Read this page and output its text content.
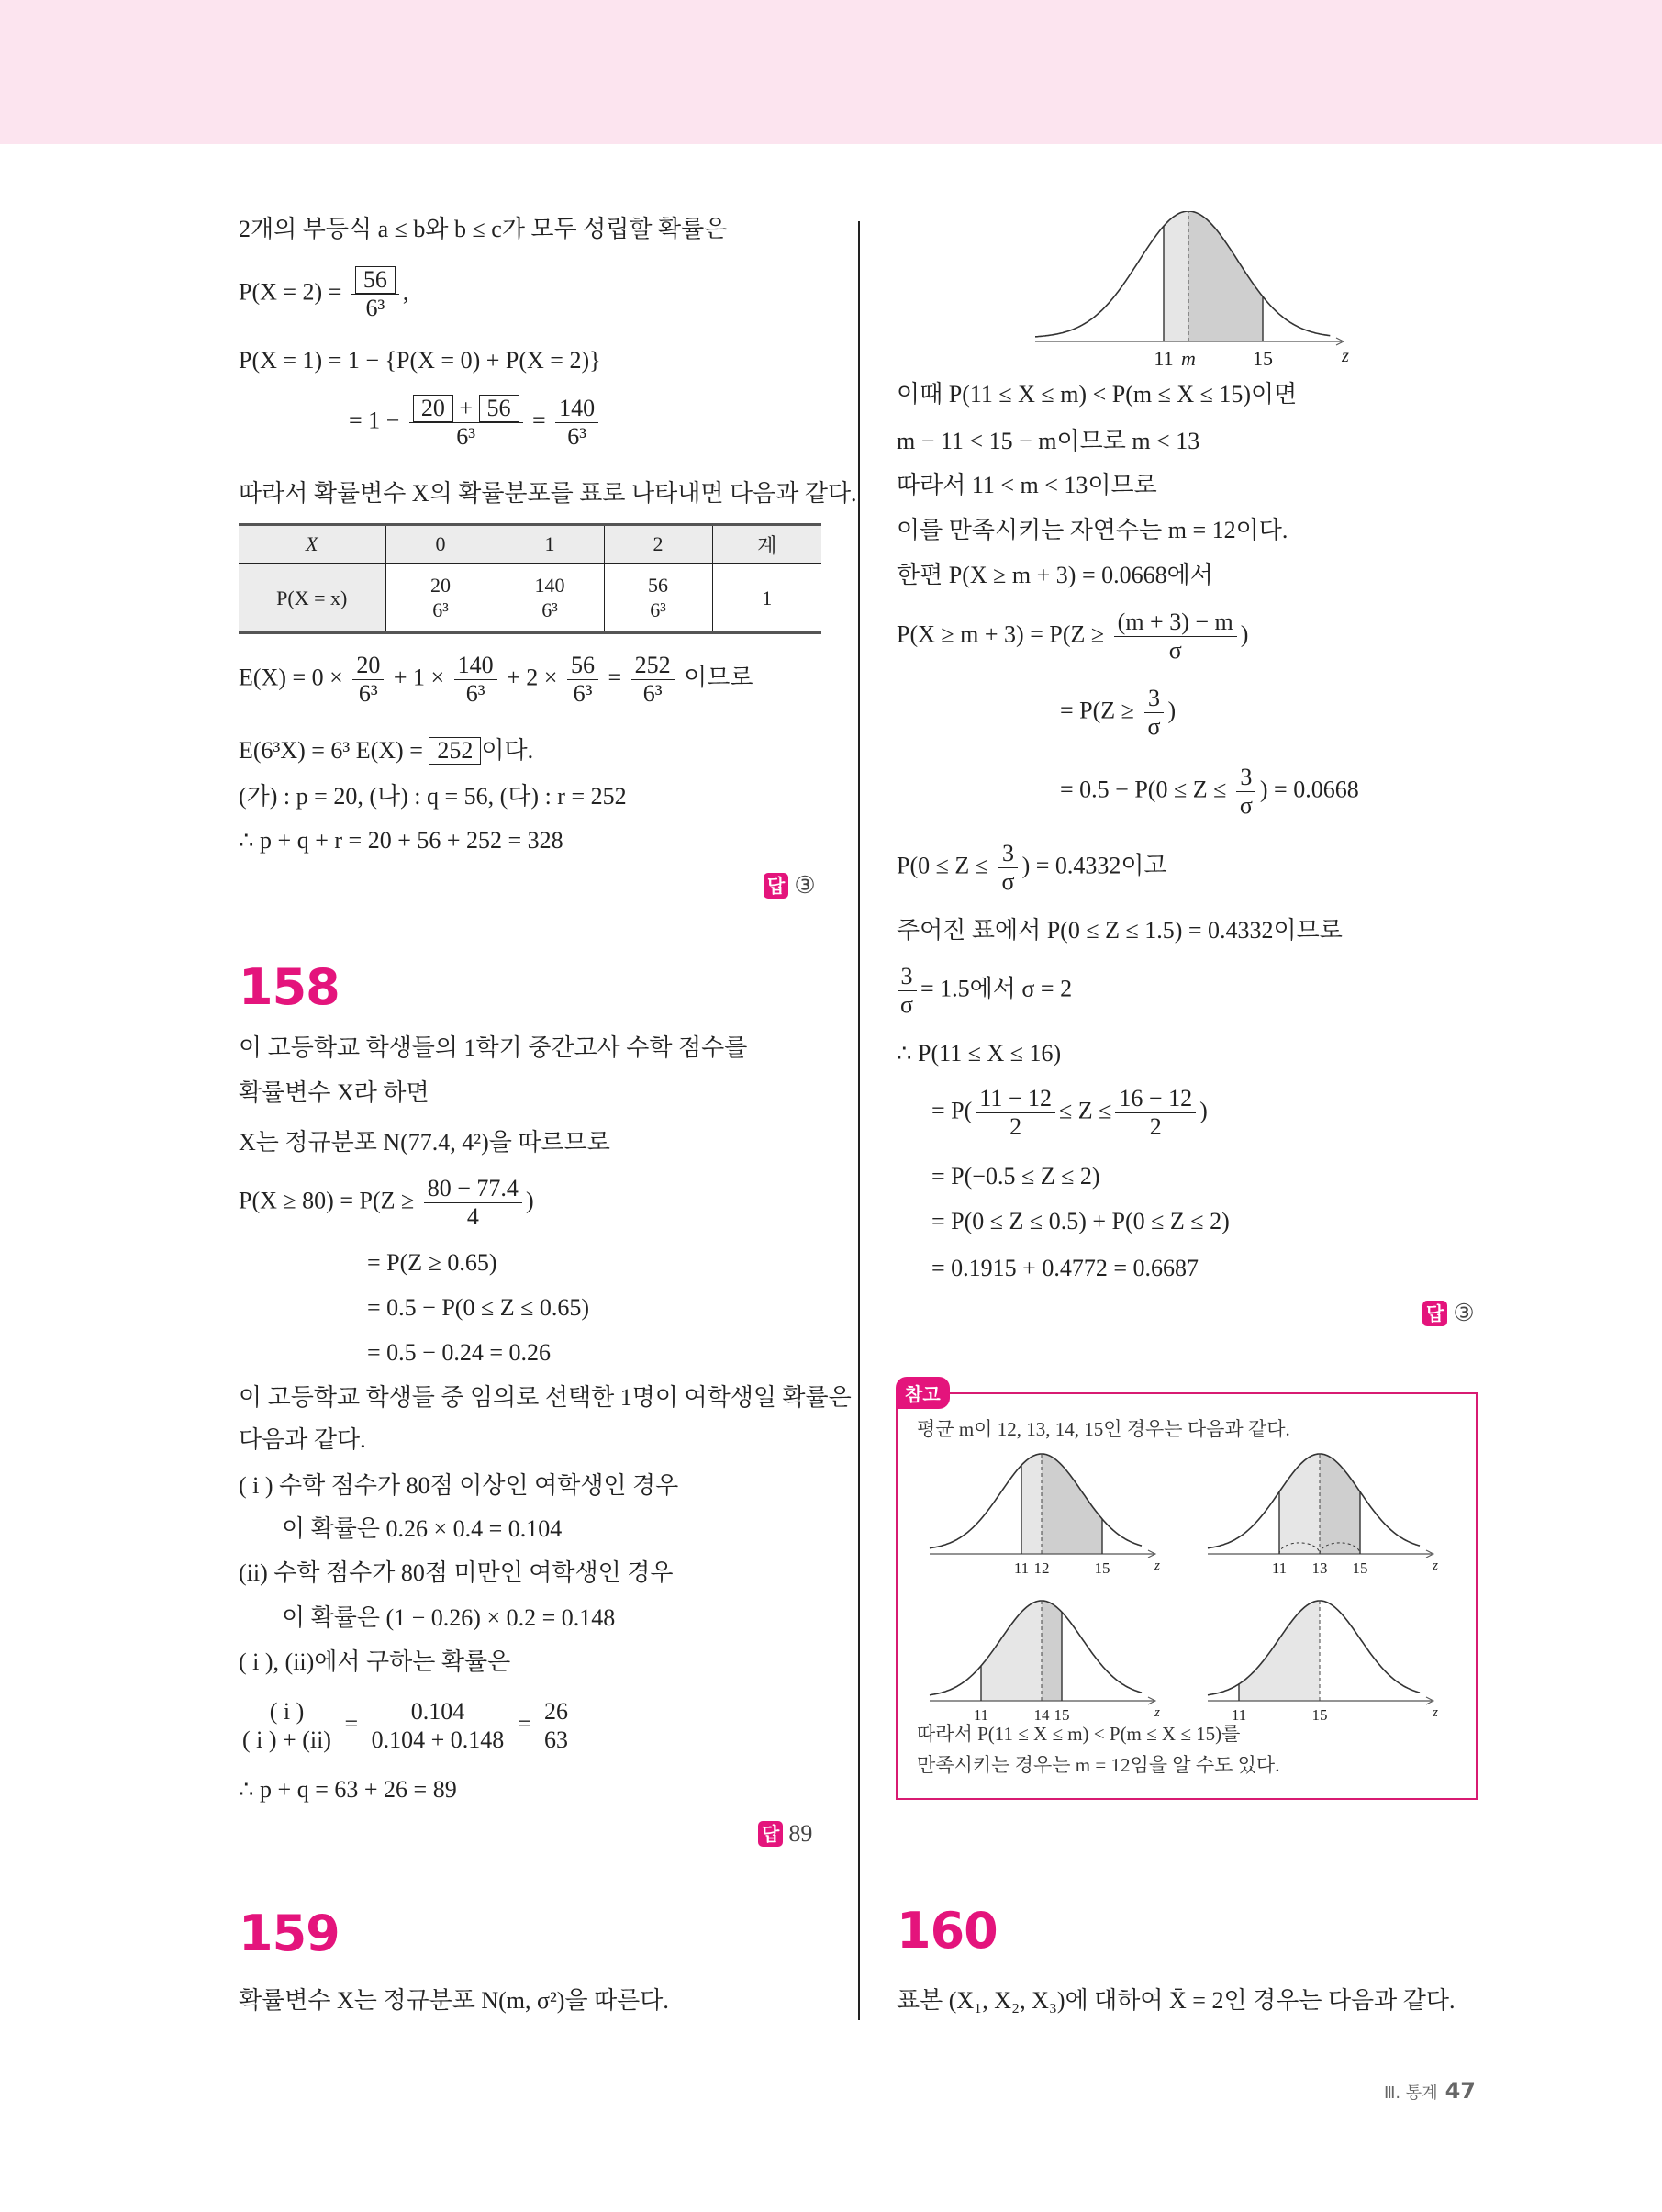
2개의 부등식 a ≤ b와 b ≤ c가 모두 성립할 확률은
$P(X = 2) = \frac{56}{\text{6³}}$ ,
P(X = 1) = 1 − {P(X = 0) + P(X = 2)}
= $1 - \frac{20 + 56}{\text{6³}} = \frac{140}{\text{6³}}$
따라서 확률변수 X의 확률분포를 표로 나타내면 다음과 같다.
X	0	1	2	계
P(X = x)	$\frac{20}{\text{6³}}$	$\frac{140}{\text{6³}}$	$\frac{56}{\text{6³}}$	1
$E(X) = 0 \times \frac{20}{\text{6³}} + 1 \times \frac{140}{\text{6³}} + 2 \times \frac{56}{\text{6³}} = \frac{252}{\text{6³}}$ 이므로
E(6³X) = 6³ E(X) = 252 이다.
(가) : p = 20, (나) : q = 56, (다) : r = 252
∴ p + q + r = 20 + 56 + 252 = 328
답 ③
158
이 고등학교 학생들의 1학기 중간고사 수학 점수를
확률변수 X라 하면
X는 정규분포 N(77.4, 4²)을 따르므로
$P(X \ge 80) = P(Z \ge \frac{80 - 77.4}{4}$ )
= P(Z ≥ 0.65)
= 0.5 − P(0 ≤ Z ≤ 0.65)
= 0.5 − 0.24 = 0.26
이 고등학교 학생들 중 임의로 선택한 1명이 여학생일 확률은
다음과 같다.
( i ) 수학 점수가 80점 이상인 여학생인 경우
이 확률은 0.26 × 0.4 = 0.104
(ii) 수학 점수가 80점 미만인 여학생인 경우
이 확률은 (1 − 0.26) × 0.2 = 0.148
( i ), (ii)에서 구하는 확률은
$\frac{( i )}{( i ) + (ii)} = \frac{0.104}{0.104 + 0.148} = \frac{26}{63}$
∴ p + q = 63 + 26 = 89
답 89
159
확률변수 X는 정규분포 N(m, σ²)을 따른다.
11 m	15	z
이때 P(11 ≤ X ≤ m) < P(m ≤ X ≤ 15)이면
m − 11 < 15 − m이므로 m < 13
따라서 11 < m < 13이므로
이를 만족시키는 자연수는 m = 12이다.
한편 P(X ≥ m + 3) = 0.0668에서
$P(X \ge m + 3) = P(Z \ge \frac{(m + 3) - m}{\sigma}$ )
= $P(Z \ge \frac{3}{\sigma}$ )
= $0.5 - P(0 \le Z \le \frac{3}{\sigma}$ ) = 0.0668
$P(0 \le Z \le \frac{3}{\sigma}$ ) = 0.4332이고
주어진 표에서 P(0 ≤ Z ≤ 1.5) = 0.4332이므로
$\frac{3}{\sigma} = 1.5$에서 σ = 2
∴ P(11 ≤ X ≤ 16)
= $P( \frac{11 - 12}{2} \le Z \le \frac{16 - 12}{2}$ )
= P(−0.5 ≤ Z ≤ 2)
= P(0 ≤ Z ≤ 0.5) + P(0 ≤ Z ≤ 2)
= 0.1915 + 0.4772 = 0.6687
답 ③
참고
평균 m이 12, 13, 14, 15인 경우는 다음과 같다.
11 12	15	z	11 13 15	z
11	14 15	z	11	15	z
따라서 P(11 ≤ X ≤ m) < P(m ≤ X ≤ 15)를
만족시키는 경우는 m = 12임을 알 수도 있다.
160
표본 (X₁, X₂, X₃)에 대하여 X̄ = 2인 경우는 다음과 같다.
Ⅲ. 통계 47
